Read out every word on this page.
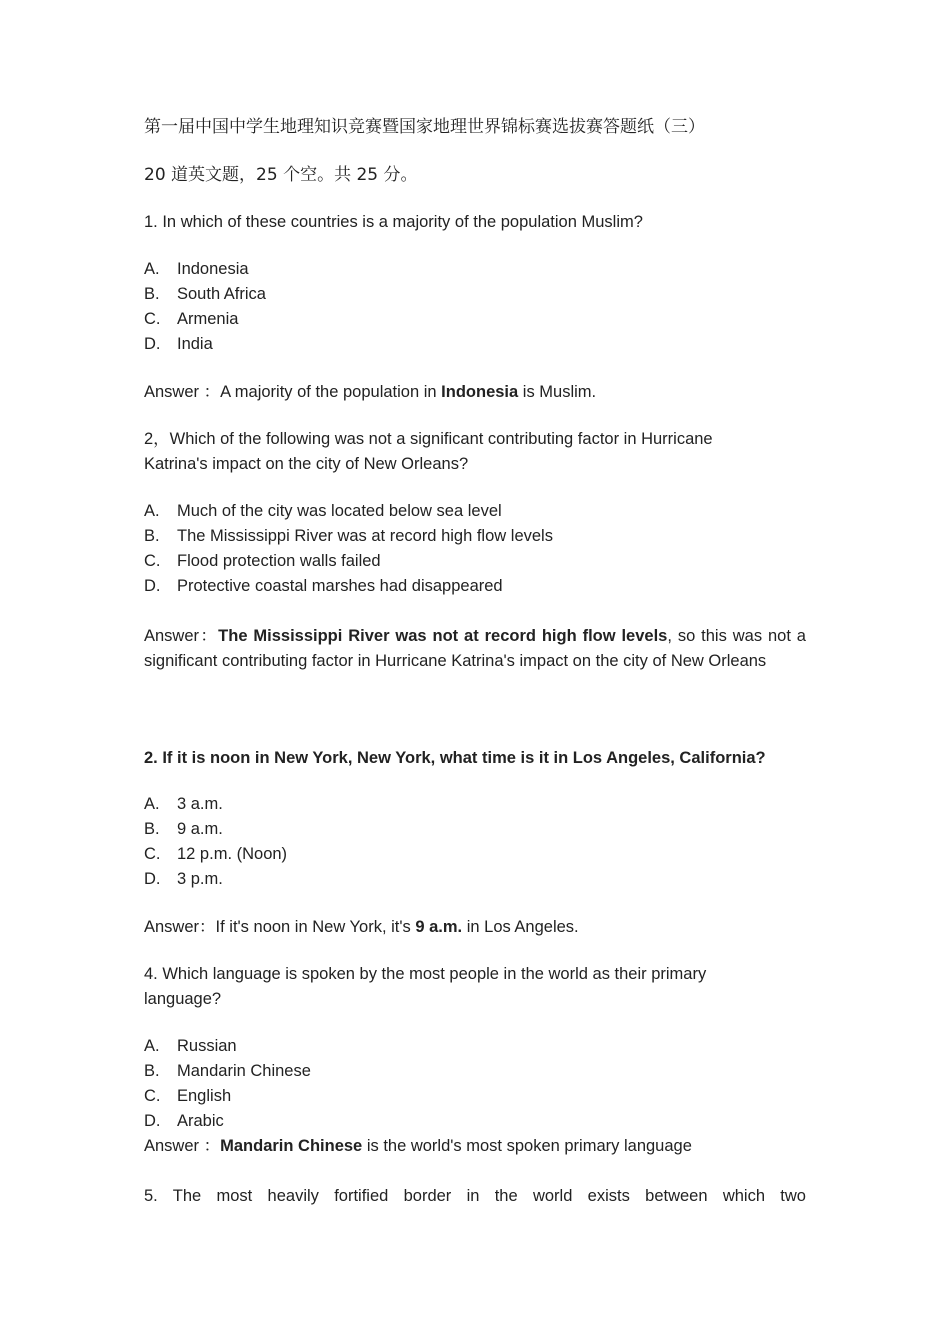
第一届中国中学生地理知识竞赛暨国家地理世界锦标赛选拔赛答题纸（三）
20 道英文题，25 个空。共 25 分。
1. In which of these countries is a majority of the population Muslim?
A. Indonesia
B. South Africa
C. Armenia
D. India
Answer ：A majority of the population in Indonesia is Muslim.
2，Which of the following was not a significant contributing factor in Hurricane
Katrina's impact on the city of New Orleans?
A. Much of the city was located below sea level
B. The Mississippi River was at record high flow levels
C. Flood protection walls failed
D. Protective coastal marshes had disappeared
Answer：The Mississippi River was not at record high flow levels, so this was not a significant contributing factor in Hurricane Katrina's impact on the city of New Orleans
2. If it is noon in New York, New York, what time is it in Los Angeles, California?
A. 3 a.m.
B. 9 a.m.
C. 12 p.m. (Noon)
D. 3 p.m.
Answer：If it's noon in New York, it's 9 a.m. in Los Angeles.
4. Which language is spoken by the most people in the world as their primary
language?
A. Russian
B. Mandarin Chinese
C. English
D. Arabic
Answer ：Mandarin Chinese is the world's most spoken primary language
5. The most heavily fortified border in the world exists between which two
